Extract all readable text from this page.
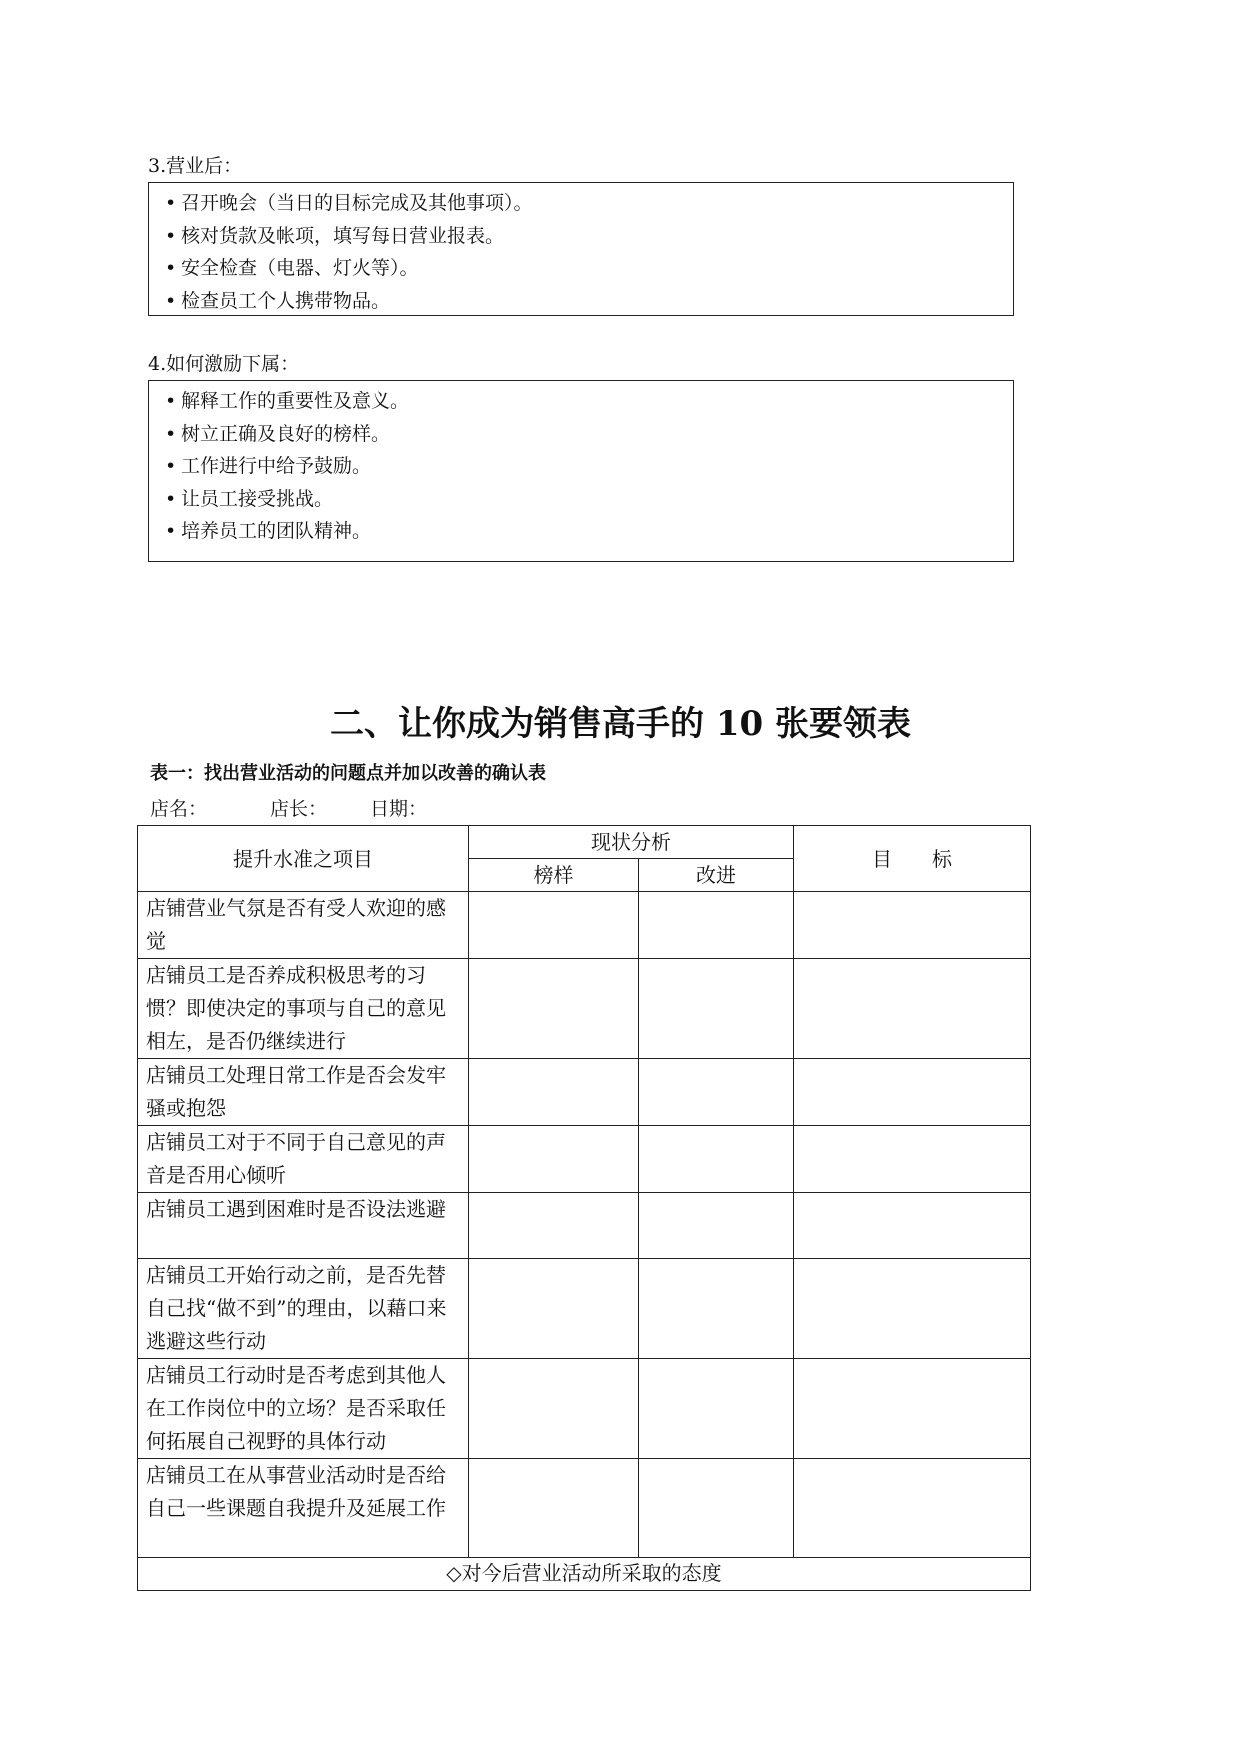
3.营业后：
• 召开晚会（当日的目标完成及其他事项）。
• 核对货款及帐项，填写每日营业报表。
• 安全检查（电器、灯火等）。
• 检查员工个人携带物品。
4.如何激励下属：
• 解释工作的重要性及意义。
• 树立正确及良好的榜样。
• 工作进行中给予鼓励。
• 让员工接受挑战。
• 培养员工的团队精神。
二、让你成为销售高手的 10 张要领表
表一：找出营业活动的问题点并加以改善的确认表
店名：	店长： 日期：
提升水准之项目	现状分析		目　　标
	榜样	改进	
店铺营业气氛是否有受人欢迎的感觉			
店铺员工是否养成积极思考的习惯？即使决定的事项与自己的意见相左，是否仍继续进行			
店铺员工处理日常工作是否会发牢骚或抱怨			
店铺员工对于不同于自己意见的声音是否用心倾听			
店铺员工遇到困难时是否设法逃避			
店铺员工开始行动之前，是否先替自己找“做不到”的理由，以藉口来逃避这些行动			
店铺员工行动时是否考虑到其他人在工作岗位中的立场？是否采取任何拓展自己视野的具体行动			
店铺员工在从事营业活动时是否给自己一些课题自我提升及延展工作			
◇对今后营业活动所采取的态度			
